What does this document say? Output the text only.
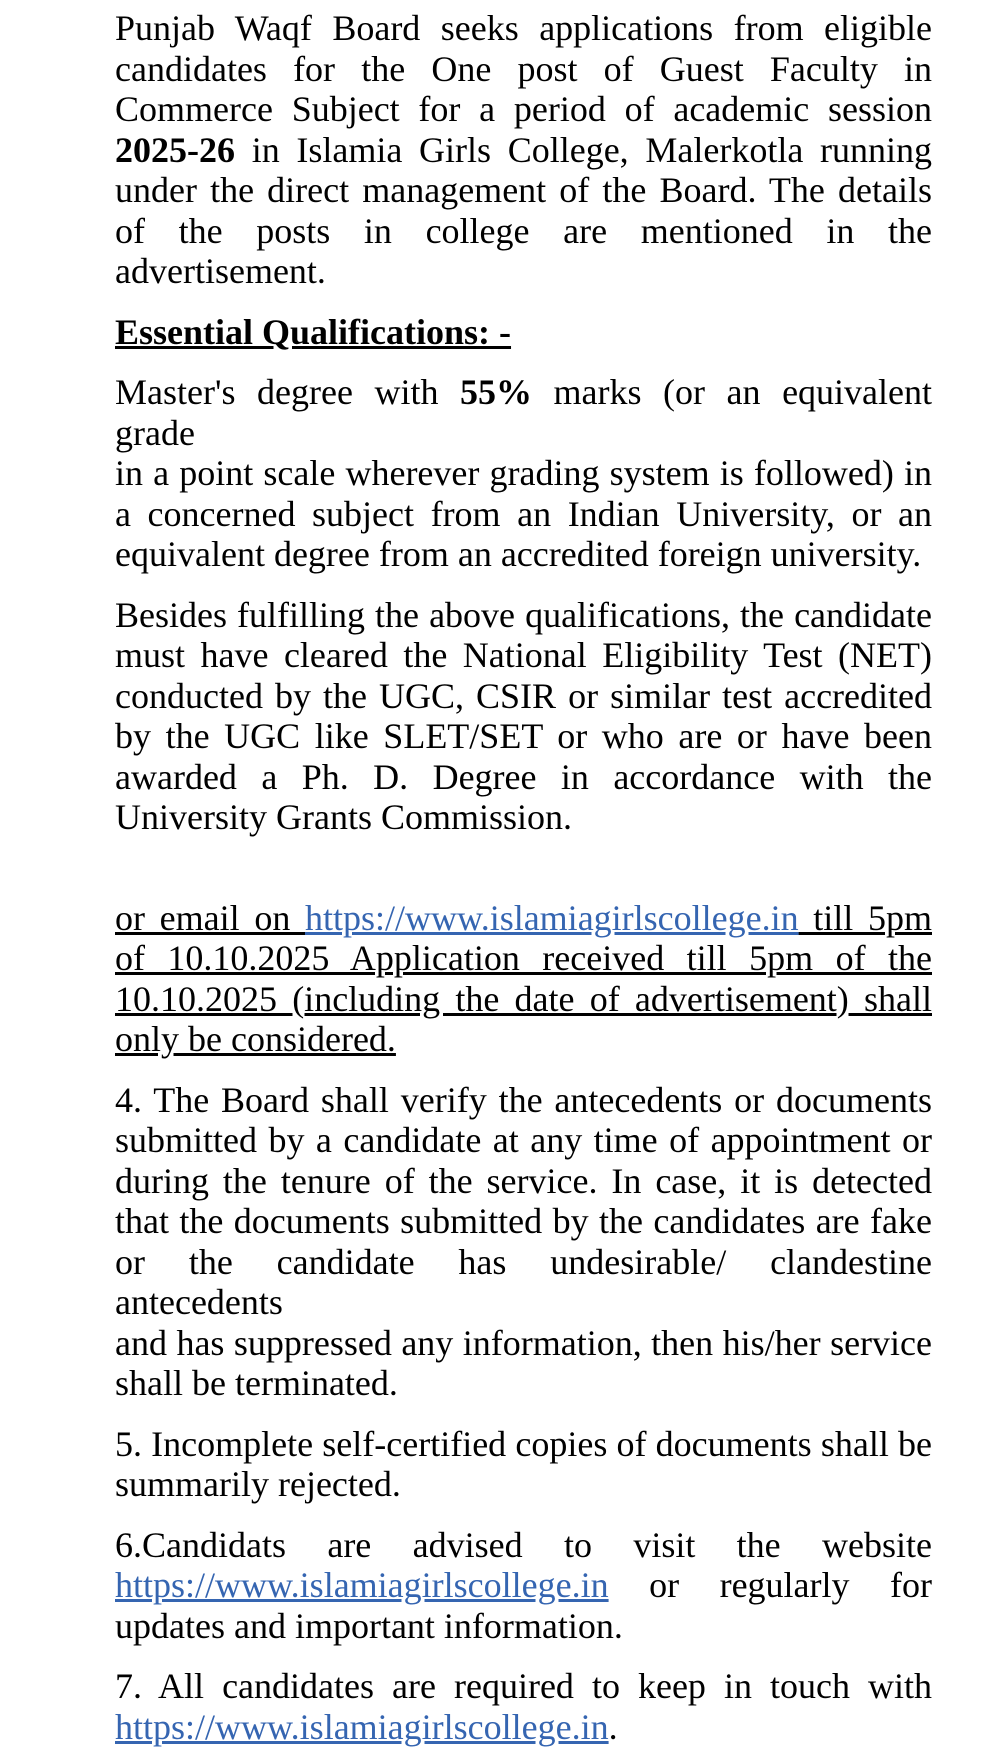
Punjab Waqf Board seeks applications from eligible
candidates for the One post of Guest Faculty in
Commerce Subject for a period of academic session
2025-26 in Islamia Girls College, Malerkotla running
under the direct management of the Board. The details
of the posts in college are mentioned in the
advertisement.
Essential Qualifications: -
Master's degree with 55% marks (or an equivalent grade
in a point scale wherever grading system is followed) in
a concerned subject from an Indian University, or an
equivalent degree from an accredited foreign university.
Besides fulfilling the above qualifications, the candidate
must have cleared the National Eligibility Test (NET)
conducted by the UGC, CSIR or similar test accredited
by the UGC like SLET/SET or who are or have been
awarded a Ph. D. Degree in accordance with the
University Grants Commission.
or email on https://www.islamiagirlscollege.in till 5pm
of 10.10.2025 Application received till 5pm of the
10.10.2025 (including the date of advertisement) shall
only be considered.
4. The Board shall verify the antecedents or documents
submitted by a candidate at any time of appointment or
during the tenure of the service. In case, it is detected
that the documents submitted by the candidates are fake
or the candidate has undesirable/ clandestine antecedents
and has suppressed any information, then his/her service
shall be terminated.
5. Incomplete self-certified copies of documents shall be
summarily rejected.
6.Candidats are advised to visit the website
https://www.islamiagirlscollege.in or regularly for
updates and important information.
7. All candidates are required to keep in touch with
https://www.islamiagirlscollege.in.
